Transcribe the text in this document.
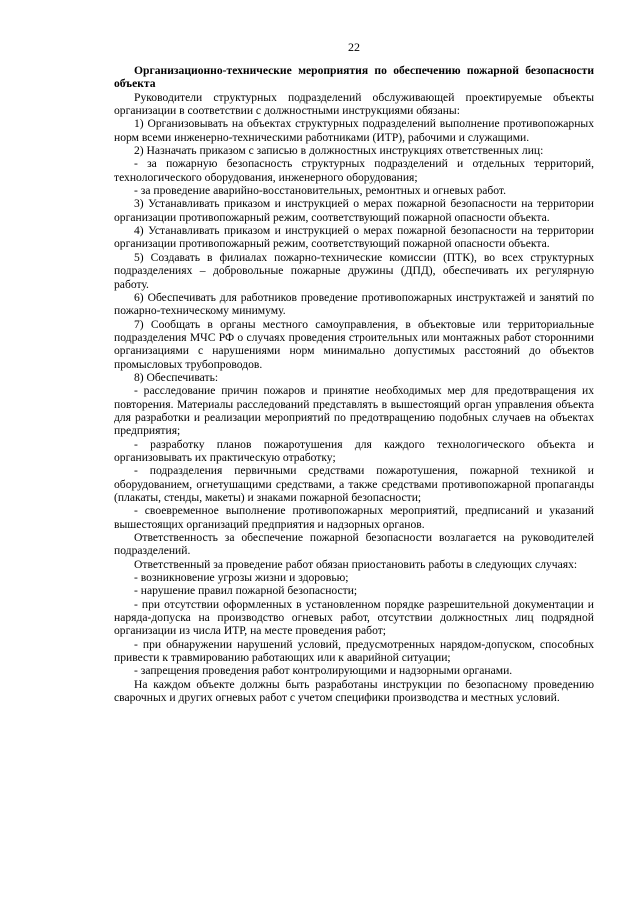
22

Организационно-технические мероприятия по обеспечению пожарной безопасности объекта

Руководители структурных подразделений обслуживающей проектируемые объекты организации в соответствии с должностными инструкциями обязаны:

1) Организовывать на объектах структурных подразделений выполнение противопожарных норм всеми инженерно-техническими работниками (ИТР), рабочими и служащими.

2) Назначать приказом с записью в должностных инструкциях ответственных лиц:

- за пожарную безопасность структурных подразделений и отдельных территорий, технологического оборудования, инженерного оборудования;

- за проведение аварийно-восстановительных, ремонтных и огневых работ.

3) Устанавливать приказом и инструкцией о мерах пожарной безопасности на территории организации противопожарный режим, соответствующий пожарной опасности объекта.

4) Устанавливать приказом и инструкцией о мерах пожарной безопасности на территории организации противопожарный режим, соответствующий пожарной опасности объекта.

5) Создавать в филиалах пожарно-технические комиссии (ПТК), во всех структурных подразделениях – добровольные пожарные дружины (ДПД), обеспечивать их регулярную работу.

6) Обеспечивать для работников проведение противопожарных инструктажей и занятий по пожарно-техническому минимуму.

7) Сообщать в органы местного самоуправления, в объектовые или территориальные подразделения МЧС РФ о случаях проведения строительных или монтажных работ сторонними организациями с нарушениями норм минимально допустимых расстояний до объектов промысловых трубопроводов.

8) Обеспечивать:

- расследование причин пожаров и принятие необходимых мер для предотвращения их повторения. Материалы расследований представлять в вышестоящий орган управления объекта для разработки и реализации мероприятий по предотвращению подобных случаев на объектах предприятия;

- разработку планов пожаротушения для каждого технологического объекта и организовывать их практическую отработку;

- подразделения первичными средствами пожаротушения, пожарной техникой и оборудованием, огнетушащими средствами, а также средствами противопожарной пропаганды (плакаты, стенды, макеты) и знаками пожарной безопасности;

- своевременное выполнение противопожарных мероприятий, предписаний и указаний вышестоящих организаций предприятия и надзорных органов.

Ответственность за обеспечение пожарной безопасности возлагается на руководителей подразделений.

Ответственный за проведение работ обязан приостановить работы в следующих случаях:

- возникновение угрозы жизни и здоровью;

- нарушение правил пожарной безопасности;

- при отсутствии оформленных в установленном порядке разрешительной документации и наряда-допуска на производство огневых работ, отсутствии должностных лиц подрядной организации из числа ИТР, на месте проведения работ;

- при обнаружении нарушений условий, предусмотренных нарядом-допуском, способных привести к травмированию работающих или к аварийной ситуации;

- запрещения проведения работ контролирующими и надзорными органами.

На каждом объекте должны быть разработаны инструкции по безопасному проведению сварочных и других огневых работ с учетом специфики производства и местных условий.
